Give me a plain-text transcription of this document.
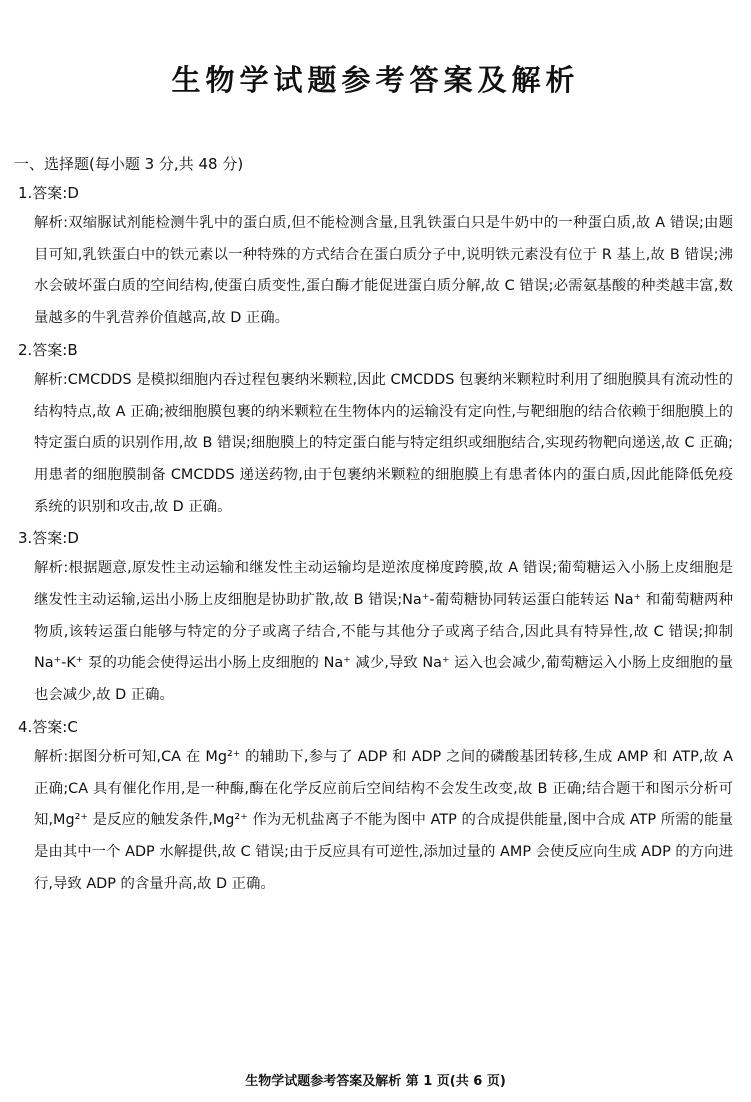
生物学试题参考答案及解析
一、选择题(每小题 3 分,共 48 分)
1.答案:D
解析:双缩脲试剂能检测牛乳中的蛋白质,但不能检测含量,且乳铁蛋白只是牛奶中的一种蛋白质,故 A 错误;由题目可知,乳铁蛋白中的铁元素以一种特殊的方式结合在蛋白质分子中,说明铁元素没有位于 R 基上,故 B 错误;沸水会破坏蛋白质的空间结构,使蛋白质变性,蛋白酶才能促进蛋白质分解,故 C 错误;必需氨基酸的种类越丰富,数量越多的牛乳营养价值越高,故 D 正确。
2.答案:B
解析:CMCDDS 是模拟细胞内吞过程包裹纳米颗粒,因此 CMCDDS 包裹纳米颗粒时利用了细胞膜具有流动性的结构特点,故 A 正确;被细胞膜包裹的纳米颗粒在生物体内的运输没有定向性,与靶细胞的结合依赖于细胞膜上的特定蛋白质的识别作用,故 B 错误;细胞膜上的特定蛋白能与特定组织或细胞结合,实现药物靶向递送,故 C 正确;用患者的细胞膜制备 CMCDDS 递送药物,由于包裹纳米颗粒的细胞膜上有患者体内的蛋白质,因此能降低免疫系统的识别和攻击,故 D 正确。
3.答案:D
解析:根据题意,原发性主动运输和继发性主动运输均是逆浓度梯度跨膜,故 A 错误;葡萄糖运入小肠上皮细胞是继发性主动运输,运出小肠上皮细胞是协助扩散,故 B 错误;Na⁺-葡萄糖协同转运蛋白能转运 Na⁺ 和葡萄糖两种物质,该转运蛋白能够与特定的分子或离子结合,不能与其他分子或离子结合,因此具有特异性,故 C 错误;抑制 Na⁺-K⁺ 泵的功能会使得运出小肠上皮细胞的 Na⁺ 减少,导致 Na⁺ 运入也会减少,葡萄糖运入小肠上皮细胞的量也会减少,故 D 正确。
4.答案:C
解析:据图分析可知,CA 在 Mg²⁺ 的辅助下,参与了 ADP 和 ADP 之间的磷酸基团转移,生成 AMP 和 ATP,故 A 正确;CA 具有催化作用,是一种酶,酶在化学反应前后空间结构不会发生改变,故 B 正确;结合题干和图示分析可知,Mg²⁺ 是反应的触发条件,Mg²⁺ 作为无机盐离子不能为图中 ATP 的合成提供能量,图中合成 ATP 所需的能量是由其中一个 ADP 水解提供,故 C 错误;由于反应具有可逆性,添加过量的 AMP 会使反应向生成 ADP 的方向进行,导致 ADP 的含量升高,故 D 正确。
生物学试题参考答案及解析 第 1 页(共 6 页)
